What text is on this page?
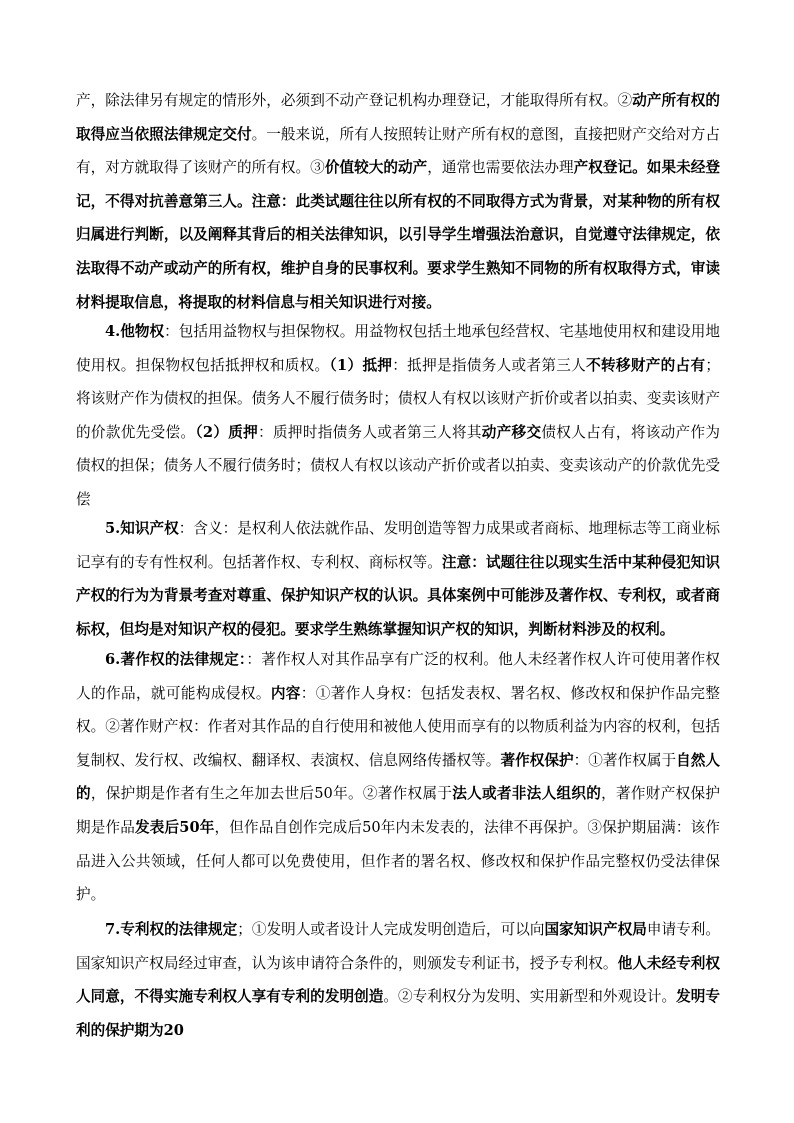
产，除法律另有规定的情形外，必须到不动产登记机构办理登记，才能取得所有权。②动产所有权的取得应当依照法律规定交付。一般来说，所有人按照转让财产所有权的意图，直接把财产交给对方占有，对方就取得了该财产的所有权。③价值较大的动产，通常也需要依法办理产权登记。如果未经登记，不得对抗善意第三人。注意：此类试题往往以所有权的不同取得方式为背景，对某种物的所有权归属进行判断，以及阐释其背后的相关法律知识，以引导学生增强法治意识，自觉遵守法律规定，依法取得不动产或动产的所有权，维护自身的民事权利。要求学生熟知不同物的所有权取得方式，审读材料提取信息，将提取的材料信息与相关知识进行对接。

4.他物权：包括用益物权与担保物权。用益物权包括土地承包经营权、宅基地使用权和建设用地使用权。担保物权包括抵押权和质权。（1）抵押：抵押是指债务人或者第三人不转移财产的占有；将该财产作为债权的担保。债务人不履行债务时；债权人有权以该财产折价或者以拍卖、变卖该财产的价款优先受偿。（2）质押：质押时指债务人或者第三人将其动产移交债权人占有，将该动产作为债权的担保；债务人不履行债务时；债权人有权以该动产折价或者以拍卖、变卖该动产的价款优先受偿

5.知识产权：含义：是权利人依法就作品、发明创造等智力成果或者商标、地理标志等工商业标记享有的专有性权利。包括著作权、专利权、商标权等。注意：试题往往以现实生活中某种侵犯知识产权的行为为背景考查对尊重、保护知识产权的认识。具体案例中可能涉及著作权、专利权，或者商标权，但均是对知识产权的侵犯。要求学生熟练掌握知识产权的知识，判断材料涉及的权利。

6.著作权的法律规定：：著作权人对其作品享有广泛的权利。他人未经著作权人许可使用著作权人的作品，就可能构成侵权。内容：①著作人身权：包括发表权、署名权、修改权和保护作品完整权。②著作财产权：作者对其作品的自行使用和被他人使用而享有的以物质利益为内容的权利，包括复制权、发行权、改编权、翻译权、表演权、信息网络传播权等。著作权保护：①著作权属于自然人的，保护期是作者有生之年加去世后50年。②著作权属于法人或者非法人组织的，著作财产权保护期是作品发表后50年，但作品自创作完成后50年内未发表的，法律不再保护。③保护期届满：该作品进入公共领域，任何人都可以免费使用，但作者的署名权、修改权和保护作品完整权仍受法律保护。

7.专利权的法律规定；①发明人或者设计人完成发明创造后，可以向国家知识产权局申请专利。国家知识产权局经过审查，认为该申请符合条件的，则颁发专利证书，授予专利权。他人未经专利权人同意，不得实施专利权人享有专利的发明创造。②专利权分为发明、实用新型和外观设计。发明专利的保护期为20
